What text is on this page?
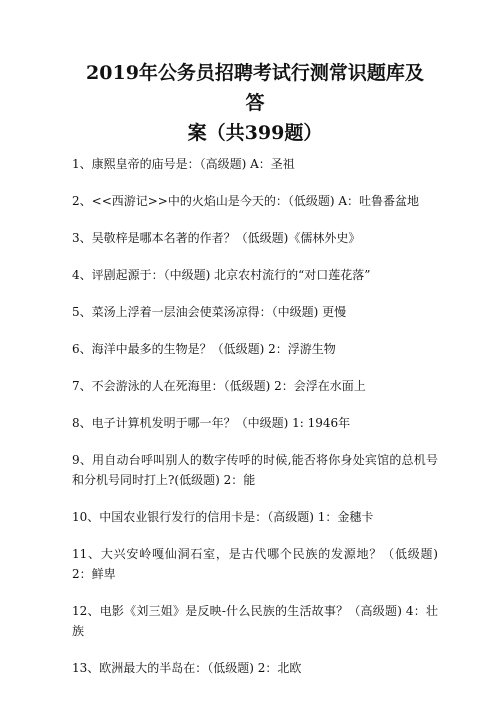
2019年公务员招聘考试行测常识题库及答
案（共399题）
1、康熙皇帝的庙号是：（高级题) A：圣祖
2、<<西游记>>中的火焰山是今天的：（低级题) A：吐鲁番盆地
3、吴敬梓是哪本名著的作者？（低级题)《儒林外史》
4、评剧起源于：（中级题) 北京农村流行的“对口莲花落”
5、菜汤上浮着一层油会使菜汤凉得：（中级题) 更慢
6、海洋中最多的生物是？（低级题) 2：浮游生物
7、不会游泳的人在死海里：（低级题) 2：会浮在水面上
8、电子计算机发明于哪一年？（中级题) 1: 1946年
9、用自动台呼叫别人的数字传呼的时候,能否将你身处宾馆的总机号和分机号同时打上?(低级题) 2：能
10、中国农业银行发行的信用卡是：（高级题) 1：金穗卡
11、大兴安岭嘎仙洞石室，是古代哪个民族的发源地？（低级题) 2：鲜卑
12、电影《刘三姐》是反映-什么民族的生活故事？（高级题) 4：壮族
13、欧洲最大的半岛在：（低级题) 2：北欧
